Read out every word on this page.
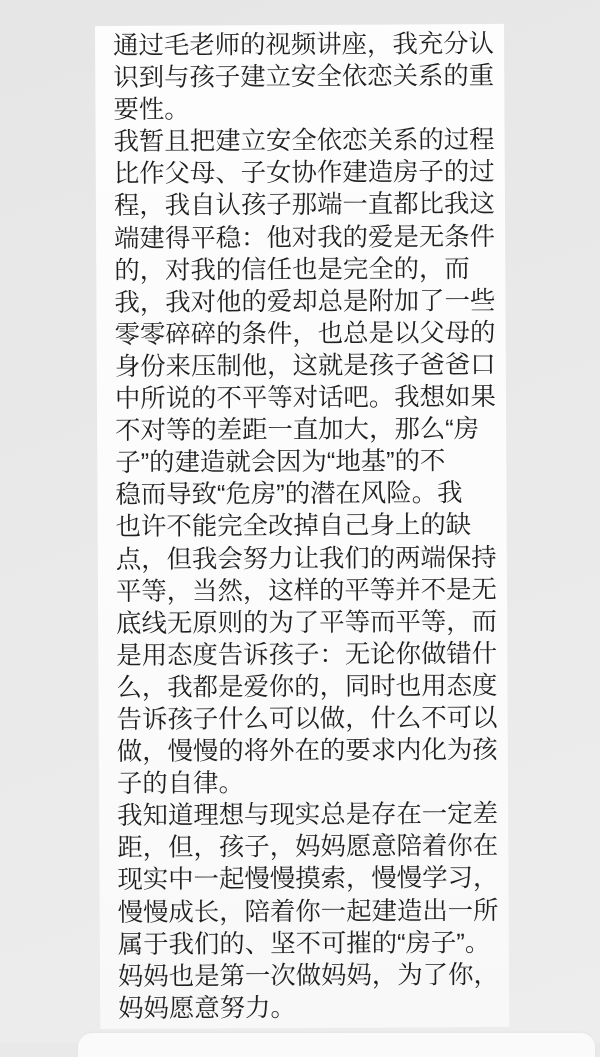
通过毛老师的视频讲座，我充分认
识到与孩子建立安全依恋关系的重
要性。
我暂且把建立安全依恋关系的过程
比作父母、子女协作建造房子的过
程，我自认孩子那端一直都比我这
端建得平稳：他对我的爱是无条件
的，对我的信任也是完全的，而
我，我对他的爱却总是附加了一些
零零碎碎的条件，也总是以父母的
身份来压制他，这就是孩子爸爸口
中所说的不平等对话吧。我想如果
不对等的差距一直加大，那么“房
子”的建造就会因为“地基”的不
稳而导致“危房”的潜在风险。我
也许不能完全改掉自己身上的缺
点，但我会努力让我们的两端保持
平等，当然，这样的平等并不是无
底线无原则的为了平等而平等，而
是用态度告诉孩子：无论你做错什
么，我都是爱你的，同时也用态度
告诉孩子什么可以做，什么不可以
做，慢慢的将外在的要求内化为孩
子的自律。
我知道理想与现实总是存在一定差
距，但，孩子，妈妈愿意陪着你在
现实中一起慢慢摸索，慢慢学习，
慢慢成长，陪着你一起建造出一所
属于我们的、坚不可摧的“房子”。
妈妈也是第一次做妈妈，为了你，
妈妈愿意努力。
